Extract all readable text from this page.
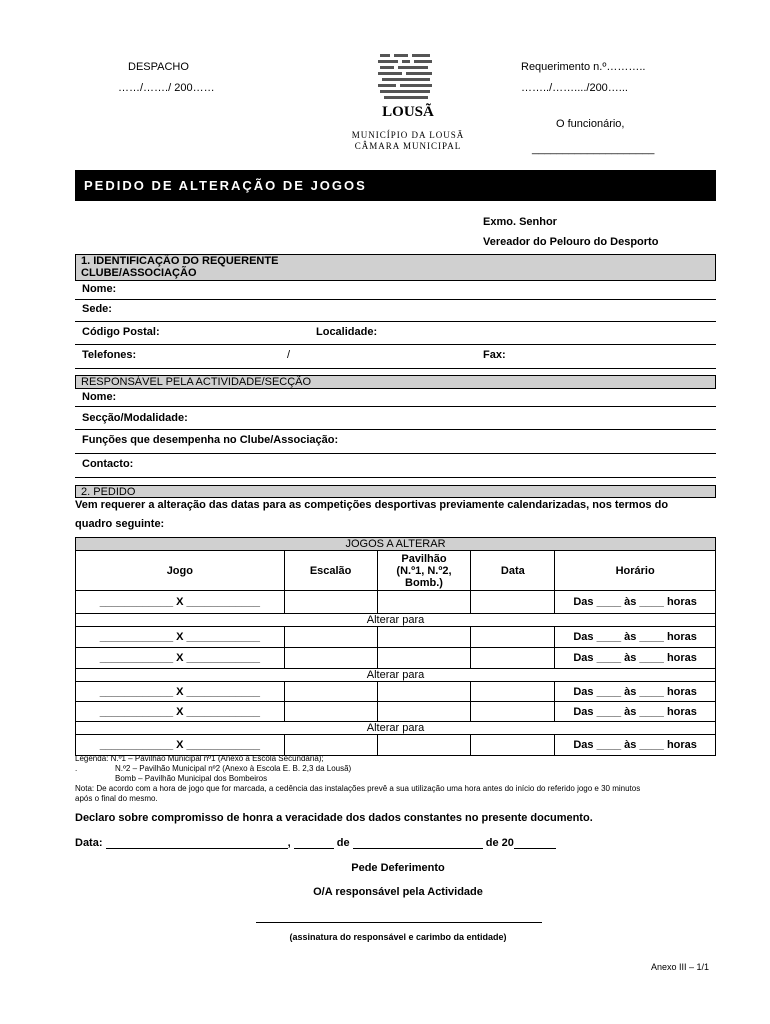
DESPACHO
……/……./ 200……
LOUSÃ
MUNICÍPIO DA LOUSÃ
CÂMARA MUNICIPAL
Requerimento n.º………..
……../……..../200…...
O funcionário,
____________________
PEDIDO DE ALTERAÇÃO DE JOGOS
Exmo. Senhor
Vereador do Pelouro do Desporto
1. IDENTIFICAÇÃO DO REQUERENTE
CLUBE/ASSOCIAÇÃO
Nome:
Sede:
Código Postal:	Localidade:
Telefones:	/	Fax:
RESPONSÁVEL PELA ACTIVIDADE/SECÇÃO
Nome:
Secção/Modalidade:
Funções que desempenha no Clube/Associação:
Contacto:
2. PEDIDO
Vem requerer a alteração das datas para as competições desportivas previamente calendarizadas, nos termos do
quadro seguinte:
JOGOS A ALTERAR				
Jogo	Escalão	Pavilhão
(N.º1, N.º2,
Bomb.)	Data	Horário
____________ X ____________				Das ____ às ____ horas
Alterar para				
____________ X ____________				Das ____ às ____ horas
____________ X ____________				Das ____ às ____ horas
Alterar para				
____________ X ____________				Das ____ às ____ horas
____________ X ____________				Das ____ às ____ horas
Alterar para				
____________ X ____________				Das ____ às ____ horas
Legenda: N.º1 – Pavilhão Municipal nº1 (Anexo à Escola Secundária);
.	N.º2 – Pavilhão Municipal nº2 (Anexo à Escola E. B. 2,3 da Lousã)
Bomb – Pavilhão Municipal dos Bombeiros
Nota: De acordo com a hora de jogo que for marcada, a cedência das instalações prevê a sua utilização uma hora antes do início do referido jogo e 30 minutos
após o final do mesmo.
Declaro sobre compromisso de honra a veracidade dos dados constantes no presente documento.
Data:	,	de	de 20
Pede Deferimento
O/A responsável pela Actividade
(assinatura do responsável e carimbo da entidade)
Anexo III – 1/1
